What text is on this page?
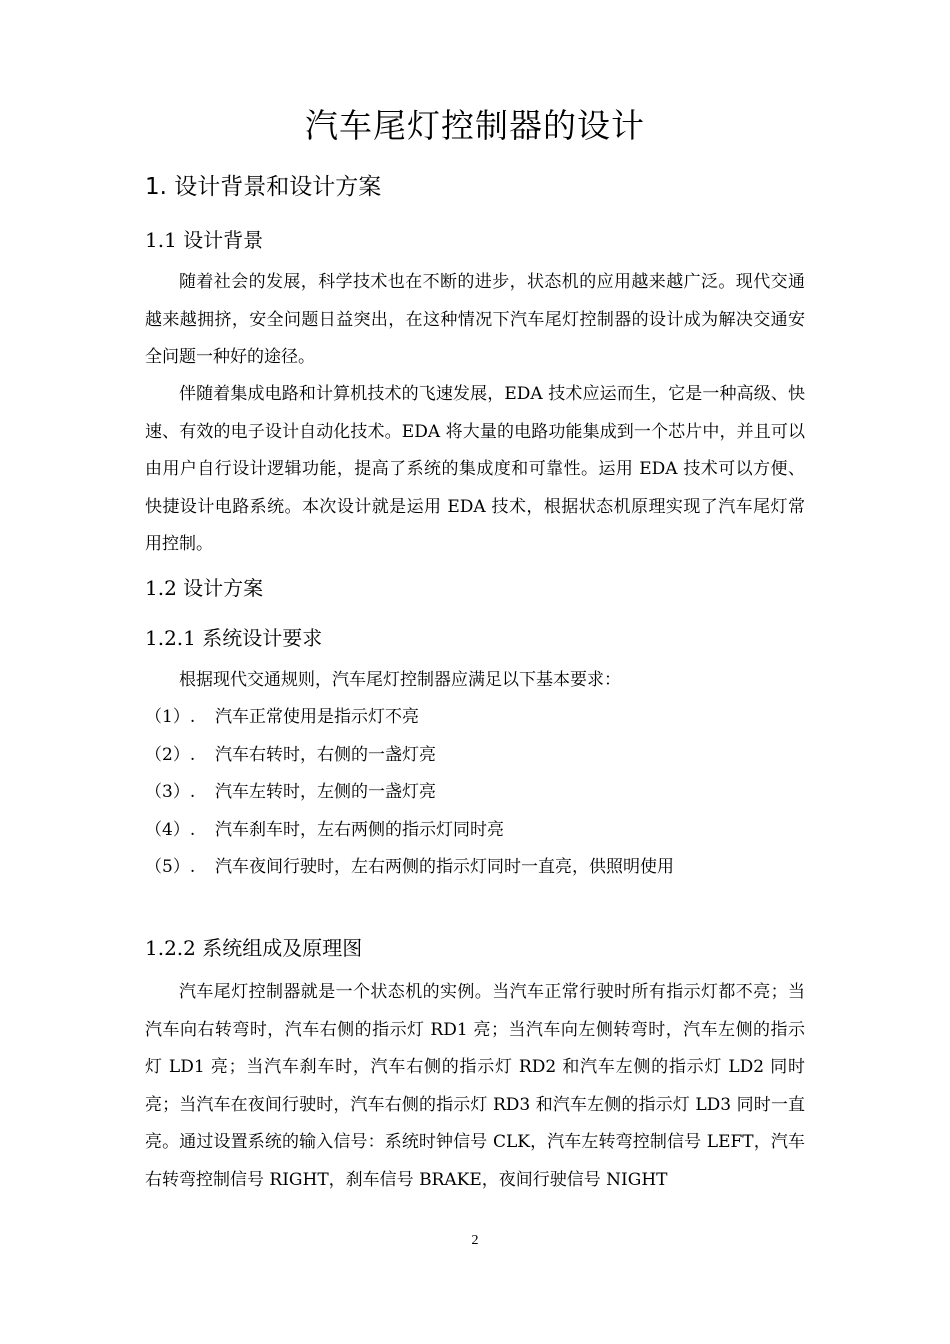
汽车尾灯控制器的设计
1. 设计背景和设计方案
1.1 设计背景
随着社会的发展，科学技术也在不断的进步，状态机的应用越来越广泛。现代交通越来越拥挤，安全问题日益突出，在这种情况下汽车尾灯控制器的设计成为解决交通安全问题一种好的途径。
伴随着集成电路和计算机技术的飞速发展，EDA 技术应运而生，它是一种高级、快速、有效的电子设计自动化技术。EDA 将大量的电路功能集成到一个芯片中，并且可以由用户自行设计逻辑功能，提高了系统的集成度和可靠性。运用 EDA 技术可以方便、快捷设计电路系统。本次设计就是运用 EDA 技术，根据状态机原理实现了汽车尾灯常用控制。
1.2 设计方案
1.2.1 系统设计要求
根据现代交通规则，汽车尾灯控制器应满足以下基本要求：
（1）. 汽车正常使用是指示灯不亮
（2）. 汽车右转时，右侧的一盏灯亮
（3）. 汽车左转时，左侧的一盏灯亮
（4）. 汽车刹车时，左右两侧的指示灯同时亮
（5）. 汽车夜间行驶时，左右两侧的指示灯同时一直亮，供照明使用
1.2.2 系统组成及原理图
汽车尾灯控制器就是一个状态机的实例。当汽车正常行驶时所有指示灯都不亮；当汽车向右转弯时，汽车右侧的指示灯 RD1 亮；当汽车向左侧转弯时，汽车左侧的指示灯 LD1 亮；当汽车刹车时，汽车右侧的指示灯 RD2 和汽车左侧的指示灯 LD2 同时亮；当汽车在夜间行驶时，汽车右侧的指示灯 RD3 和汽车左侧的指示灯 LD3 同时一直亮。通过设置系统的输入信号：系统时钟信号 CLK，汽车左转弯控制信号 LEFT，汽车右转弯控制信号 RIGHT，刹车信号 BRAKE，夜间行驶信号 NIGHT
2
